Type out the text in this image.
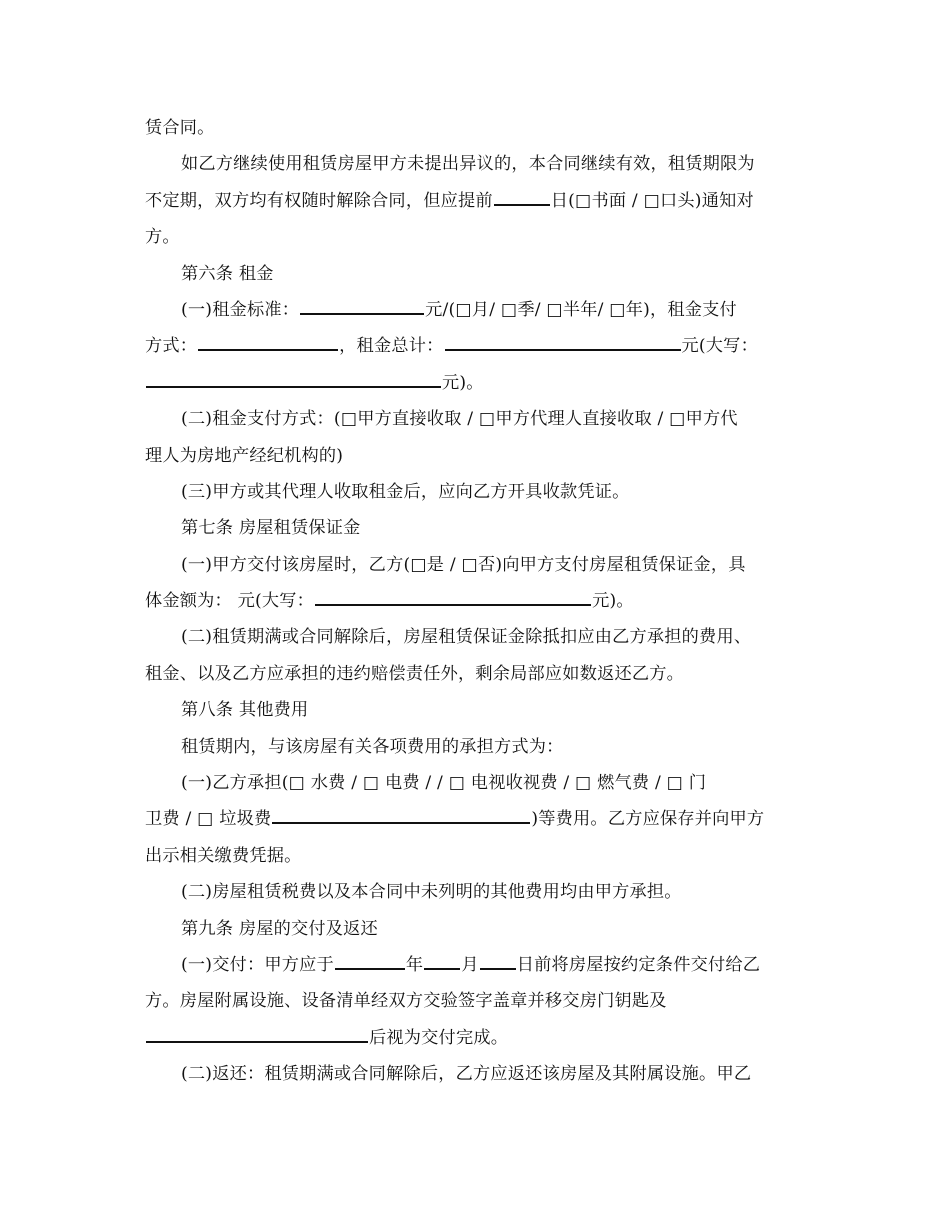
赁合同。
如乙方继续使用租赁房屋甲方未提出异议的，本合同继续有效，租赁期限为
不定期，双方均有权随时解除合同，但应提前	日(□书面 / □口头)通知对
方。
第六条 租金
(一)租金标准：	元/(□月/ □季/ □半年/ □年)，租金支付
方式：	，租金总计：	元(大写：
元)。
(二)租金支付方式：(□甲方直接收取 / □甲方代理人直接收取 / □甲方代
理人为房地产经纪机构的)
(三)甲方或其代理人收取租金后，应向乙方开具收款凭证。
第七条 房屋租赁保证金
(一)甲方交付该房屋时，乙方(□是 / □否)向甲方支付房屋租赁保证金，具
体金额为： 元(大写：	元)。
(二)租赁期满或合同解除后，房屋租赁保证金除抵扣应由乙方承担的费用、
租金、以及乙方应承担的违约赔偿责任外，剩余局部应如数返还乙方。
第八条 其他费用
租赁期内，与该房屋有关各项费用的承担方式为：
(一)乙方承担(□ 水费 / □ 电费 / / □ 电视收视费 / □ 燃气费 / □ 门
卫费 / □ 垃圾费	)等费用。乙方应保存并向甲方
出示相关缴费凭据。
(二)房屋租赁税费以及本合同中未列明的其他费用均由甲方承担。
第九条 房屋的交付及返还
(一)交付：甲方应于	年 月 日前将房屋按约定条件交付给乙
方。房屋附属设施、设备清单经双方交验签字盖章并移交房门钥匙及
后视为交付完成。
(二)返还：租赁期满或合同解除后，乙方应返还该房屋及其附属设施。甲乙
